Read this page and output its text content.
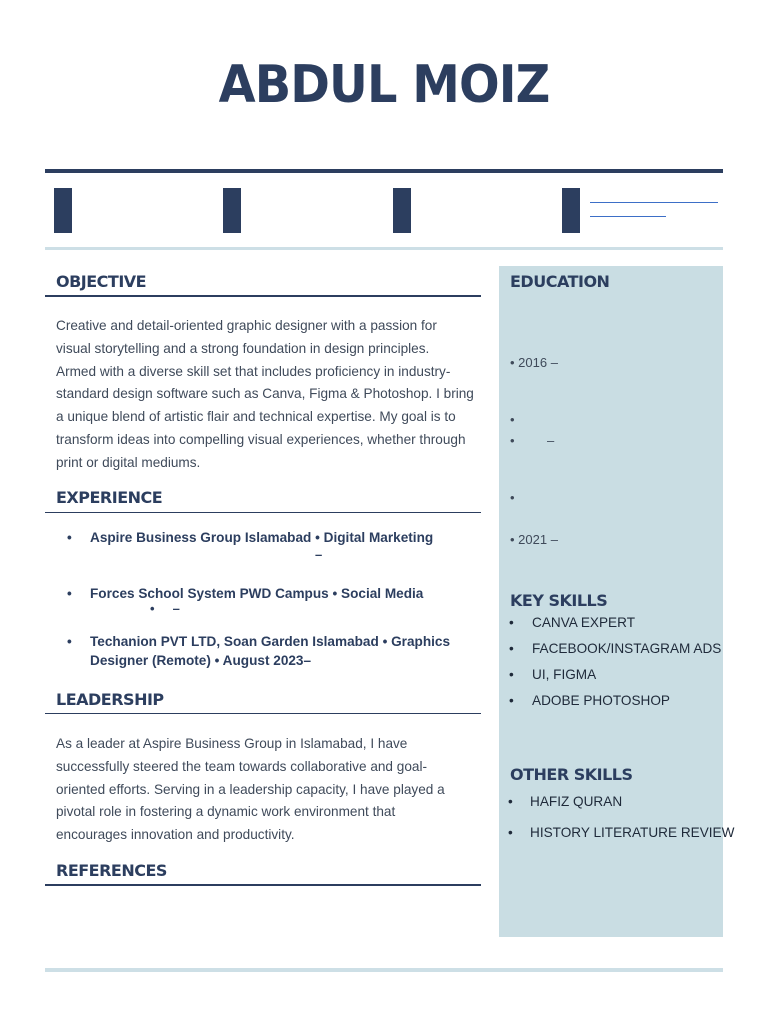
ABDUL MOIZ
OBJECTIVE
Creative and detail-oriented graphic designer with a passion for
visual storytelling and a strong foundation in design principles.
Armed with a diverse skill set that includes proficiency in industry-
standard design software such as Canva, Figma & Photoshop. I bring
a unique blend of artistic flair and technical expertise. My goal is to
transform ideas into compelling visual experiences, whether through
print or digital mediums.
EXPERIENCE
• Aspire Business Group Islamabad • Digital Marketing
–
• Forces School System PWD Campus • Social Media
•     –
• Techanion PVT LTD, Soan Garden Islamabad • Graphics
Designer (Remote) • August 2023–
LEADERSHIP
As a leader at Aspire Business Group in Islamabad, I have
successfully steered the team towards collaborative and goal-
oriented efforts. Serving in a leadership capacity, I have played a
pivotal role in fostering a dynamic work environment that
encourages innovation and productivity.
REFERENCES
EDUCATION
• 2016 –
•
•         –
•
• 2021 –
KEY SKILLS
• CANVA EXPERT
• FACEBOOK/INSTAGRAM ADS
• UI, FIGMA
• ADOBE PHOTOSHOP
OTHER SKILLS
• HAFIZ QURAN
• HISTORY LITERATURE REVIEW
